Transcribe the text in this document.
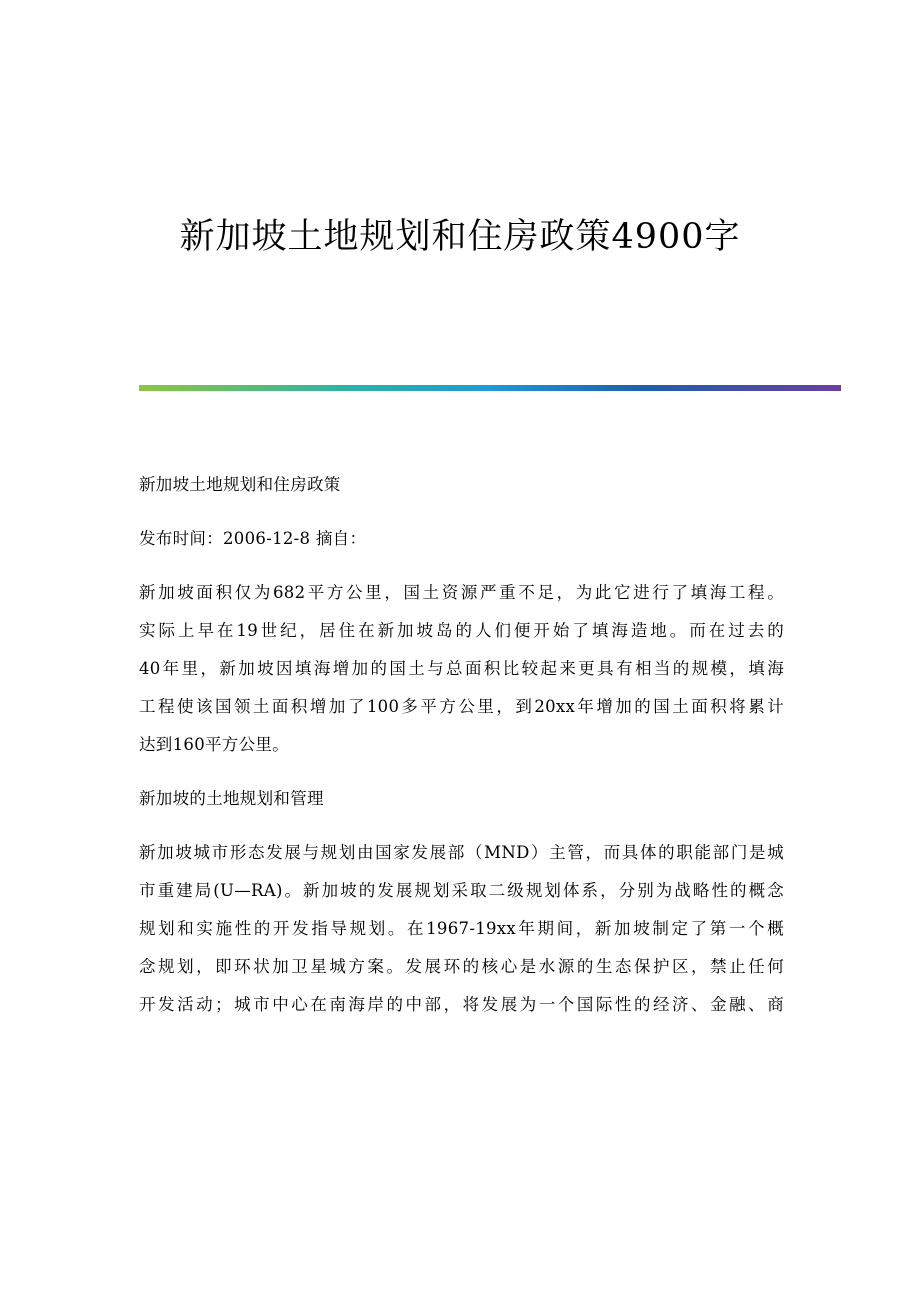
新加坡土地规划和住房政策4900字

新加坡土地规划和住房政策

发布时间：2006-12-8 摘自：

新加坡面积仅为682平方公里，国土资源严重不足，为此它进行了填海工程。
实际上早在19世纪，居住在新加坡岛的人们便开始了填海造地。而在过去的
40年里，新加坡因填海增加的国土与总面积比较起来更具有相当的规模，填海
工程使该国领土面积增加了100多平方公里，到20xx年增加的国土面积将累计
达到160平方公里。

新加坡的土地规划和管理

新加坡城市形态发展与规划由国家发展部（MND）主管，而具体的职能部门是城
市重建局(U—RA)。新加坡的发展规划采取二级规划体系，分别为战略性的概念
规划和实施性的开发指导规划。在1967-19xx年期间，新加坡制定了第一个概
念规划，即环状加卫星城方案。发展环的核心是水源的生态保护区，禁止任何
开发活动；城市中心在南海岸的中部，将发展为一个国际性的经济、金融、商
